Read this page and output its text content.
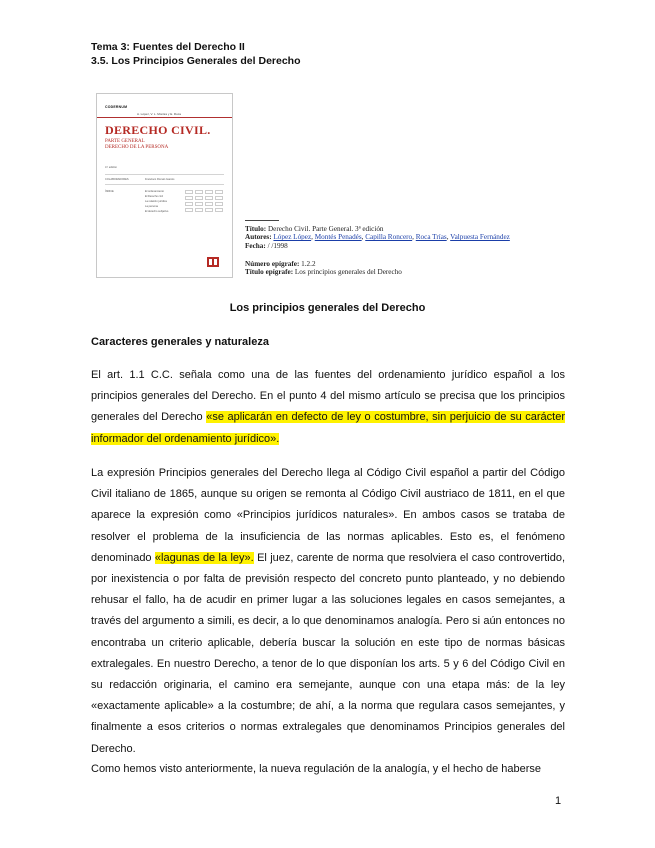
Tema 3: Fuentes del Derecho II
3.5. Los Principios Generales del Derecho
CODERNUM
A. López, V. L. Montés y E. Roca
DERECHO CIVIL.
PARTE GENERAL
DERECHO DE LA PERSONA
3.ª edición
COLABORADORES	Francisco Román Garcés
ÍNDICE	El ordenamiento
El Derecho civil
La relación jurídica
La persona
El derecho subjetivo
Título: Derecho Civil. Parte General. 3ª edición
Autores: López López, Montés Penadés, Capilla Roncero, Roca Trías, Valpuesta Fernández
Fecha: / /1998
Número epígrafe: 1.2.2
Título epígrafe: Los principios generales del Derecho
Los principios generales del Derecho
Caracteres generales y naturaleza

El art. 1.1 C.C. señala como una de las fuentes del ordenamiento jurídico español a los principios generales del Derecho. En el punto 4 del mismo artículo se precisa que los principios generales del Derecho «se aplicarán en defecto de ley o costumbre, sin perjuicio de su carácter informador del ordenamiento jurídico».

La expresión Principios generales del Derecho llega al Código Civil español a partir del Código Civil italiano de 1865, aunque su origen se remonta al Código Civil austriaco de 1811, en el que aparece la expresión como «Principios jurídicos naturales». En ambos casos se trataba de resolver el problema de la insuficiencia de las normas aplicables. Esto es, el fenómeno denominado «lagunas de la ley». El juez, carente de norma que resolviera el caso controvertido, por inexistencia o por falta de previsión respecto del concreto punto planteado, y no debiendo rehusar el fallo, ha de acudir en primer lugar a las soluciones legales en casos semejantes, a través del argumento a simili, es decir, a lo que denominamos analogía. Pero si aún entonces no encontraba un criterio aplicable, debería buscar la solución en este tipo de normas básicas extralegales. En nuestro Derecho, a tenor de lo que disponían los arts. 5 y 6 del Código Civil en su redacción originaria, el camino era semejante, aunque con una etapa más: de la ley «exactamente aplicable» a la costumbre; de ahí, a la norma que regulara casos semejantes, y finalmente a esos criterios o normas extralegales que denominamos Principios generales del Derecho.

Como hemos visto anteriormente, la nueva regulación de la analogía, y el hecho de haberse

1
